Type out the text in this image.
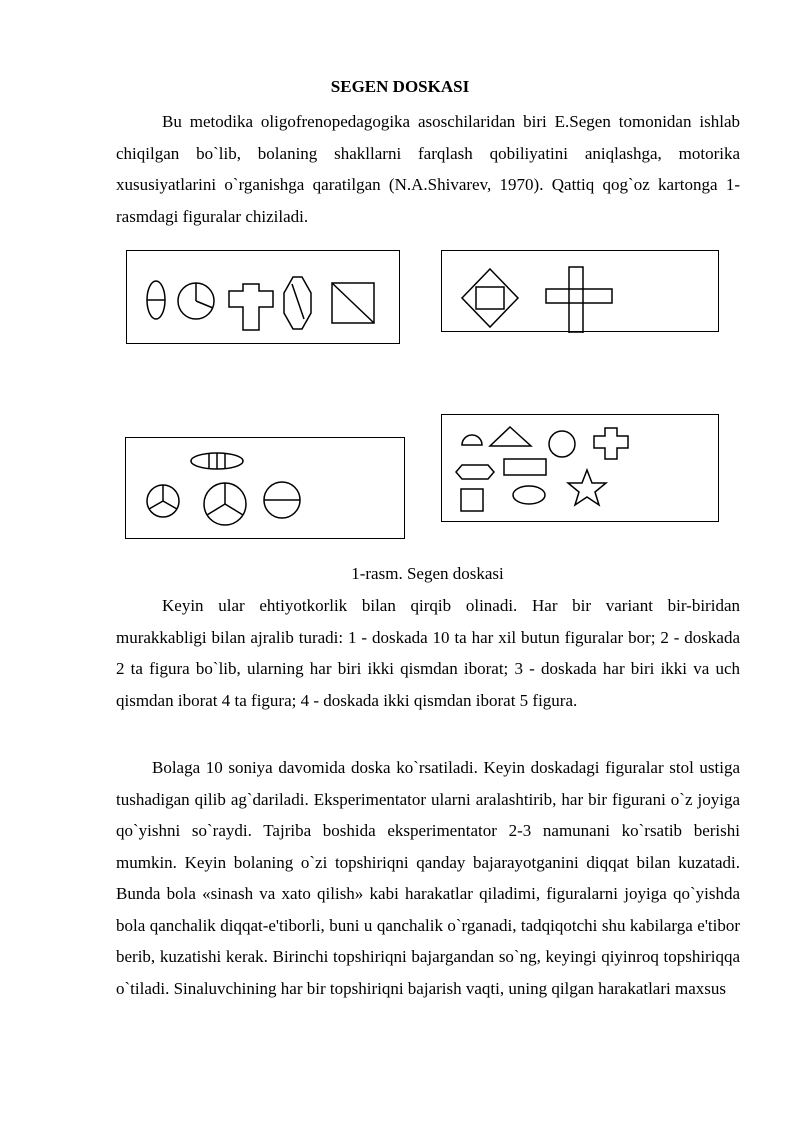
SEGEN DOSKASI

Bu metodika oligofrenopedagogika asoschilaridan biri E.Segen tomonidan ishlab chiqilgan bo`lib, bolaning shakllarni farqlash qobiliyatini aniqlashga, motorika xususiyatlarini o`rganishga qaratilgan (N.A.Shivarev, 1970). Qattiq qog`oz kartonga 1-rasmdagi figuralar chiziladi.

1-rasm. Segen doskasi

Keyin ular ehtiyotkorlik bilan qirqib olinadi. Har bir variant bir-biridan murakkabligi bilan ajralib turadi: 1 - doskada 10 ta har xil butun figuralar bor; 2 - doskada 2 ta figura bo`lib, ularning har biri ikki qismdan iborat; 3 - doskada har biri ikki va uch qismdan iborat 4 ta figura; 4 - doskada ikki qismdan iborat 5 figura.

Bolaga 10 soniya davomida doska ko`rsatiladi. Keyin doskadagi figuralar stol ustiga tushadigan qilib ag`dariladi. Eksperimentator ularni aralashtirib, har bir figurani o`z joyiga qo`yishni so`raydi. Tajriba boshida eksperimentator 2-3 namunani ko`rsatib berishi mumkin. Keyin bolaning o`zi topshiriqni qanday bajarayotganini diqqat bilan kuzatadi. Bunda bola «sinash va xato qilish» kabi harakatlar qiladimi, figuralarni joyiga qo`yishda bola qanchalik diqqat-e'tiborli, buni u qanchalik o`rganadi, tadqiqotchi shu kabilarga e'tibor berib, kuzatishi kerak. Birinchi topshiriqni bajargandan so`ng, keyingi qiyinroq topshiriqqa o`tiladi. Sinaluvchining har bir topshiriqni bajarish vaqti, uning qilgan harakatlari maxsus
